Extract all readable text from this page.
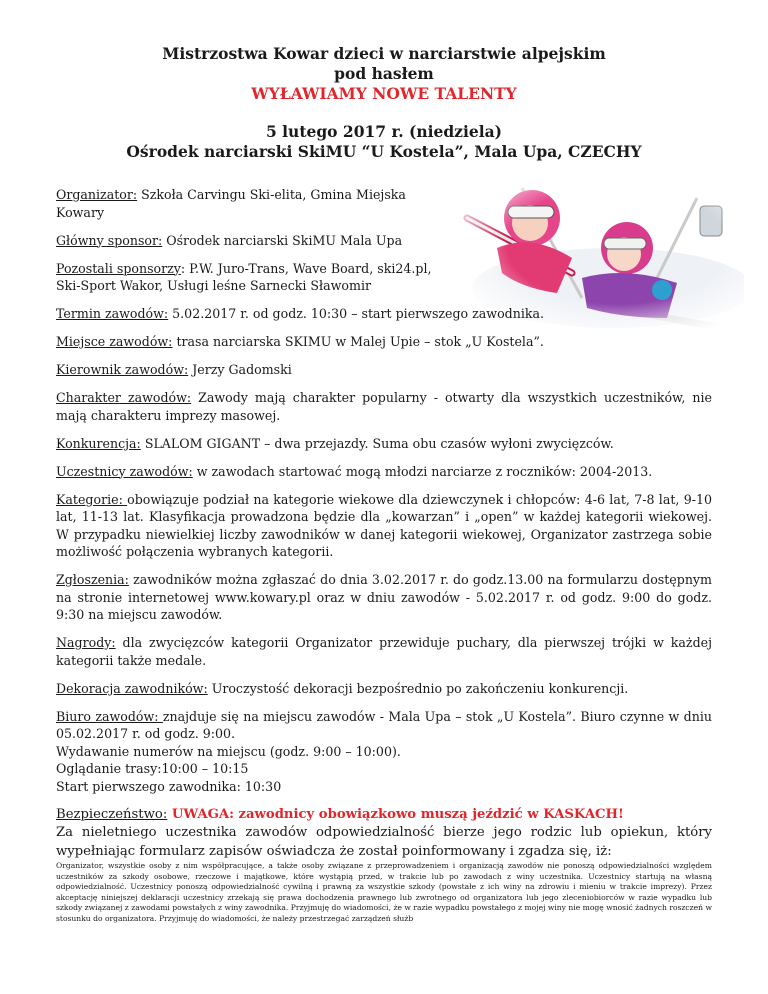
Mistrzostwa Kowar dzieci w narciarstwie alpejskim
pod hasłem
WYŁAWIAMY NOWE TALENTY
5 lutego 2017 r. (niedziela)
Ośrodek narciarski SkiMU “U Kostela”, Mala Upa, CZECHY

Organizator: Szkoła Carvingu Ski-elita, Gmina Miejska Kowary

Główny sponsor: Ośrodek narciarski SkiMU Mala Upa

Pozostali sponsorzy: P.W. Juro-Trans, Wave Board, ski24.pl, Ski-Sport Wakor, Usługi leśne Sarnecki Sławomir

Termin zawodów: 5.02.2017 r. od godz. 10:30 – start pierwszego zawodnika.

Miejsce zawodów: trasa narciarska SKIMU w Malej Upie – stok „U Kostela”.

Kierownik zawodów: Jerzy Gadomski

Charakter zawodów: Zawody mają charakter popularny - otwarty dla wszystkich uczestników, nie mają charakteru imprezy masowej.

Konkurencja: SLALOM GIGANT – dwa przejazdy. Suma obu czasów wyłoni zwycięzców.

Uczestnicy zawodów: w zawodach startować mogą młodzi narciarze z roczników: 2004-2013.

Kategorie: obowiązuje podział na kategorie wiekowe dla dziewczynek i chłopców: 4-6 lat, 7-8 lat, 9-10 lat, 11-13 lat. Klasyfikacja prowadzona będzie dla „kowarzan” i „open” w każdej kategorii wiekowej. W przypadku niewielkiej liczby zawodników w danej kategorii wiekowej, Organizator zastrzega sobie możliwość połączenia wybranych kategorii.

Zgłoszenia: zawodników można zgłaszać do dnia 3.02.2017 r. do godz.13.00 na formularzu dostępnym na stronie internetowej www.kowary.pl oraz w dniu zawodów - 5.02.2017 r. od godz. 9:00 do godz. 9:30 na miejscu zawodów.

Nagrody: dla zwycięzców kategorii Organizator przewiduje puchary, dla pierwszej trójki w każdej kategorii także medale.

Dekoracja zawodników: Uroczystość dekoracji bezpośrednio po zakończeniu konkurencji.

Biuro zawodów: znajduje się na miejscu zawodów - Mala Upa – stok „U Kostela”. Biuro czynne w dniu 05.02.2017 r. od godz. 9:00.
Wydawanie numerów na miejscu (godz. 9:00 – 10:00).
Oglądanie trasy:10:00 – 10:15
Start pierwszego zawodnika: 10:30

Bezpieczeństwo: UWAGA: zawodnicy obowiązkowo muszą jeździć w KASKACH!

Za nieletniego uczestnika zawodów odpowiedzialność bierze jego rodzic lub opiekun, który wypełniając formularz zapisów oświadcza że został poinformowany i zgadza się, iż:

Organizator, wszystkie osoby z nim współpracujące, a także osoby związane z przeprowadzeniem i organizacją zawodów nie ponoszą odpowiedzialności względem uczestników za szkody osobowe, rzeczowe i majątkowe, które wystąpią przed, w trakcie lub po zawodach z winy uczestnika. Uczestnicy startują na własną odpowiedzialność. Uczestnicy ponoszą odpowiedzialność cywilną i prawną za wszystkie szkody (powstałe z ich winy na zdrowiu i mieniu w trakcie imprezy). Przez akceptację niniejszej deklaracji uczestnicy zrzekają się prawa dochodzenia prawnego lub zwrotnego od organizatora lub jego zleceniobiorców w razie wypadku lub szkody związanej z zawodami powstałych z winy zawodnika. Przyjmuję do wiadomości, że w razie wypadku powstałego z mojej winy nie mogę wnosić żadnych roszczeń w stosunku do organizatora. Przyjmuję do wiadomości, że należy przestrzegać zarządzeń służb
